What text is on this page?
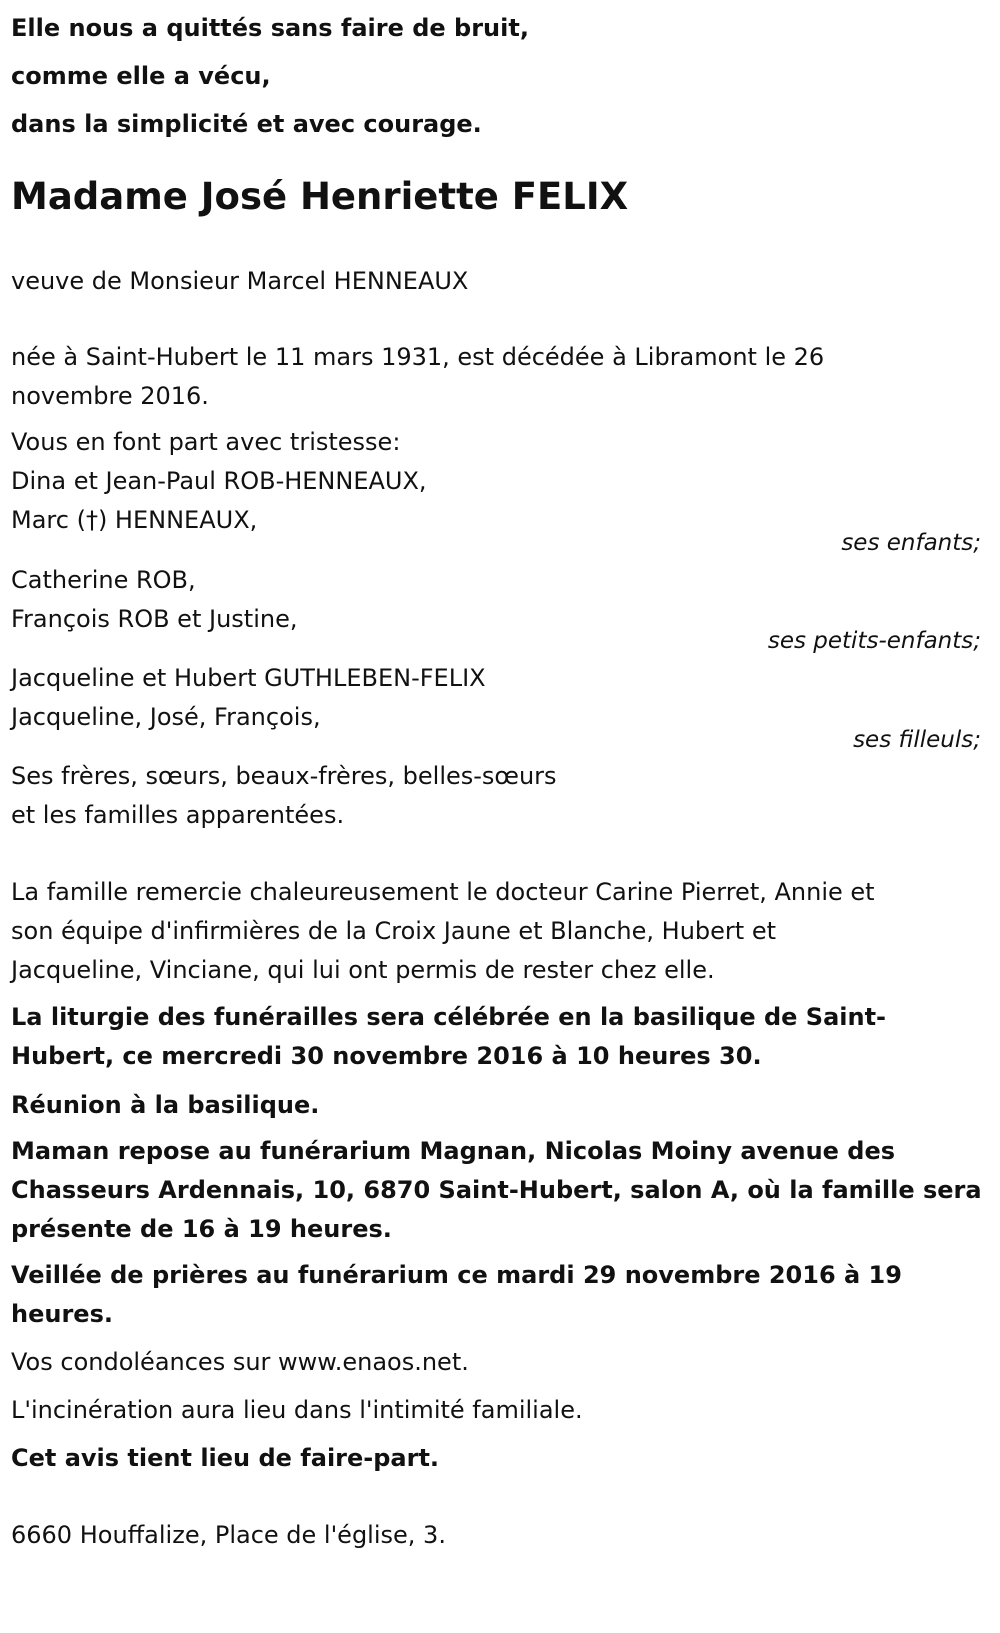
Elle nous a quittés sans faire de bruit,

comme elle a vécu,

dans la simplicité et avec courage.

Madame José Henriette FELIX

veuve de Monsieur Marcel HENNEAUX

née à Saint-Hubert le 11 mars 1931, est décédée à Libramont le 26

novembre 2016.

Vous en font part avec tristesse:

Dina et Jean-Paul ROB-HENNEAUX,

Marc (†) HENNEAUX,

ses enfants;

Catherine ROB,

François ROB et Justine,

ses petits-enfants;

Jacqueline et Hubert GUTHLEBEN-FELIX

Jacqueline, José, François,

ses filleuls;

Ses frères, sœurs, beaux-frères, belles-sœurs

et les familles apparentées.

La famille remercie chaleureusement le docteur Carine Pierret, Annie et

son équipe d'infirmières de la Croix Jaune et Blanche, Hubert et

Jacqueline, Vinciane, qui lui ont permis de rester chez elle.

La liturgie des funérailles sera célébrée en la basilique de Saint-

Hubert, ce mercredi 30 novembre 2016 à 10 heures 30.

Réunion à la basilique.

Maman repose au funérarium Magnan, Nicolas Moiny avenue des

Chasseurs Ardennais, 10, 6870 Saint-Hubert, salon A, où la famille sera

présente de 16 à 19 heures.

Veillée de prières au funérarium ce mardi 29 novembre 2016 à 19

heures.

Vos condoléances sur www.enaos.net.

L'incinération aura lieu dans l'intimité familiale.

Cet avis tient lieu de faire-part.

6660 Houffalize, Place de l'église, 3.
